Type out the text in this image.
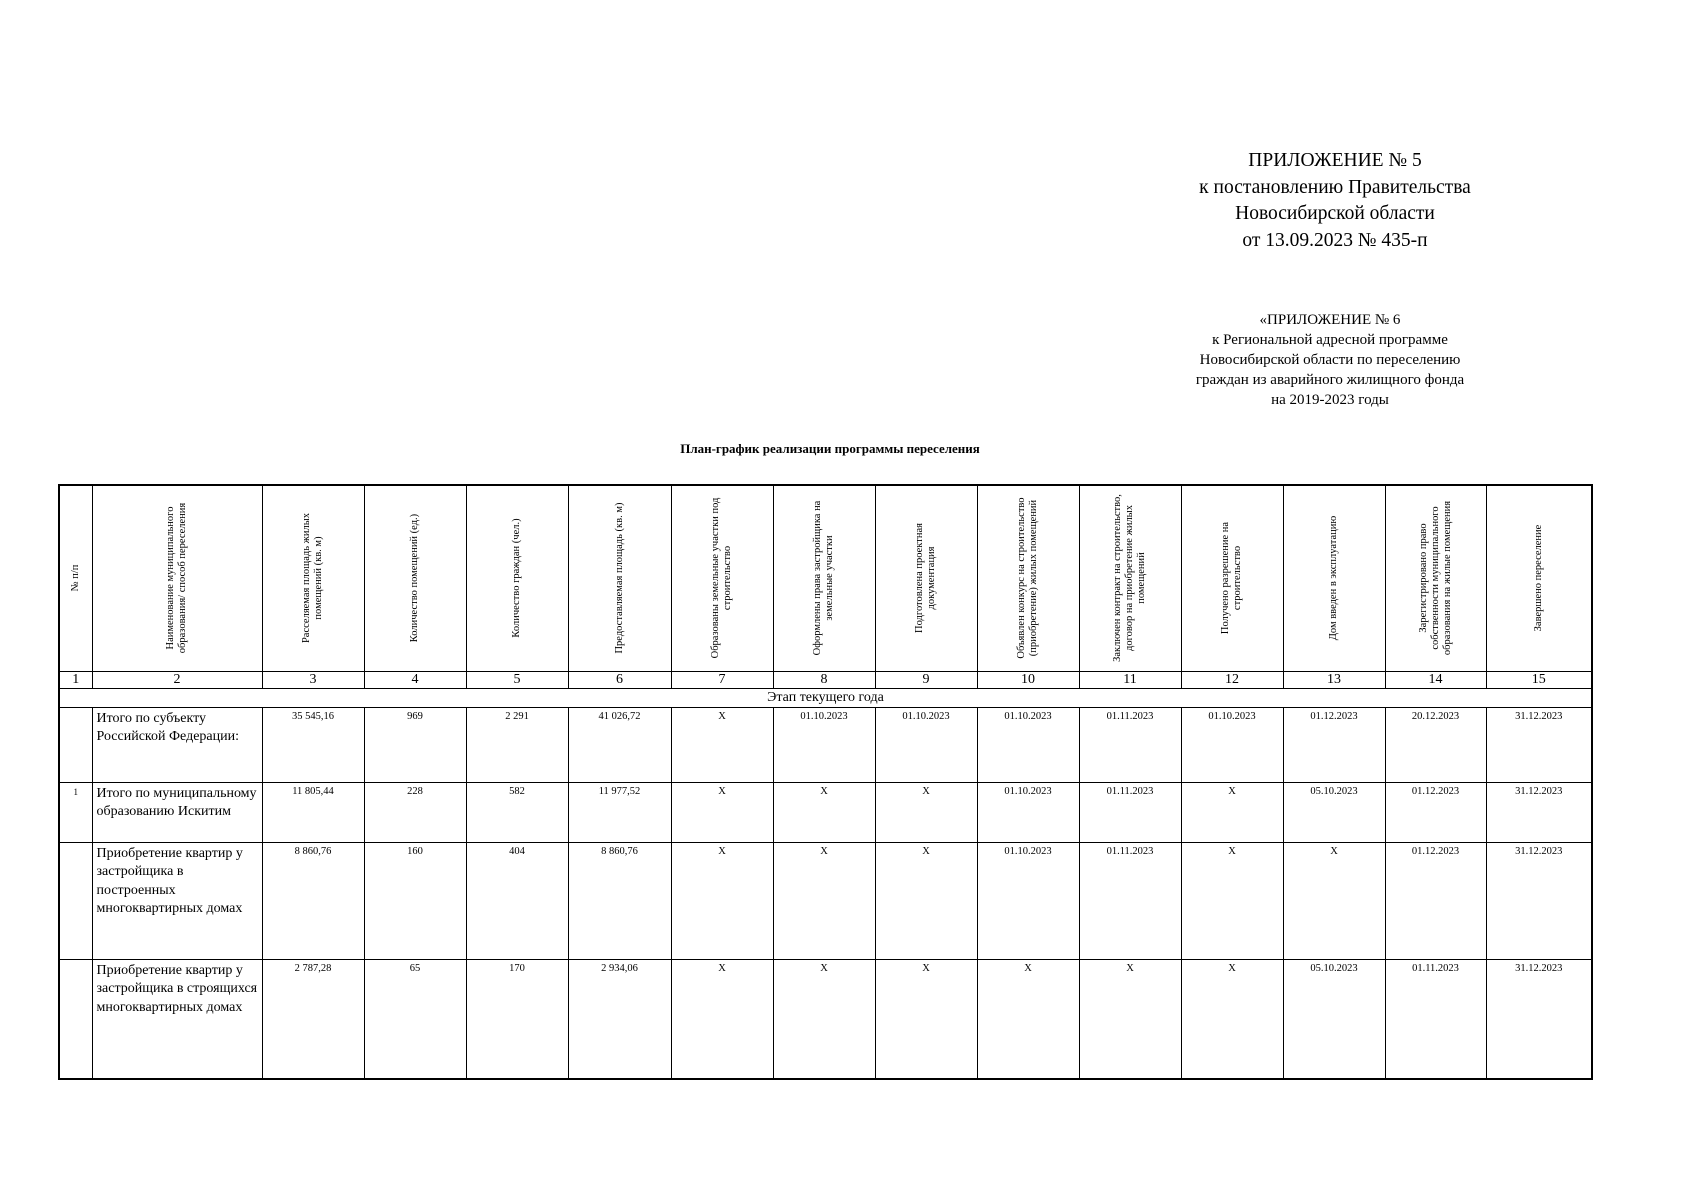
ПРИЛОЖЕНИЕ № 5
к постановлению Правительства
Новосибирской области
от 13.09.2023 № 435-п
«ПРИЛОЖЕНИЕ № 6
к Региональной адресной программе
Новосибирской области по переселению
граждан из аварийного жилищного фонда
на 2019-2023 годы
План-график реализации программы переселения
№ п/п	Наименование муниципального образования/ способ переселения	Расселяемая площадь жилых помещений (кв. м)	Количество помещений (ед.)	Количество граждан (чел.)	Предоставляемая площадь (кв. м)	Образованы земельные участки под строительство	Оформлены права застройщика на земельные участки	Подготовлена проектная документация	Объявлен конкурс на строительство (приобретение) жилых помещений	Заключен контракт на строительство, договор на приобретение жилых помещений	Получено разрешение на строительство	Дом введен в эксплуатацию	Зарегистрировано право собственности муниципального образования на жилые помещения	Завершено переселение

1	2	3	4	5	6	7	8	9	10	11	12	13	14	15
Этап текущего года														
	Итого по субъекту Российской Федерации:	35 545,16	969	2 291	41 026,72	Х	01.10.2023	01.10.2023	01.10.2023	01.11.2023	01.10.2023	01.12.2023	20.12.2023	31.12.2023
1	Итого по муниципальному образованию Искитим	11 805,44	228	582	11 977,52	Х	Х	Х	01.10.2023	01.11.2023	Х	05.10.2023	01.12.2023	31.12.2023
	Приобретение квартир у застройщика в построенных многоквартирных домах	8 860,76	160	404	8 860,76	Х	Х	Х	01.10.2023	01.11.2023	Х	Х	01.12.2023	31.12.2023
	Приобретение квартир у застройщика в строящихся многоквартирных домах	2 787,28	65	170	2 934,06	Х	Х	Х	Х	Х	Х	05.10.2023	01.11.2023	31.12.2023
